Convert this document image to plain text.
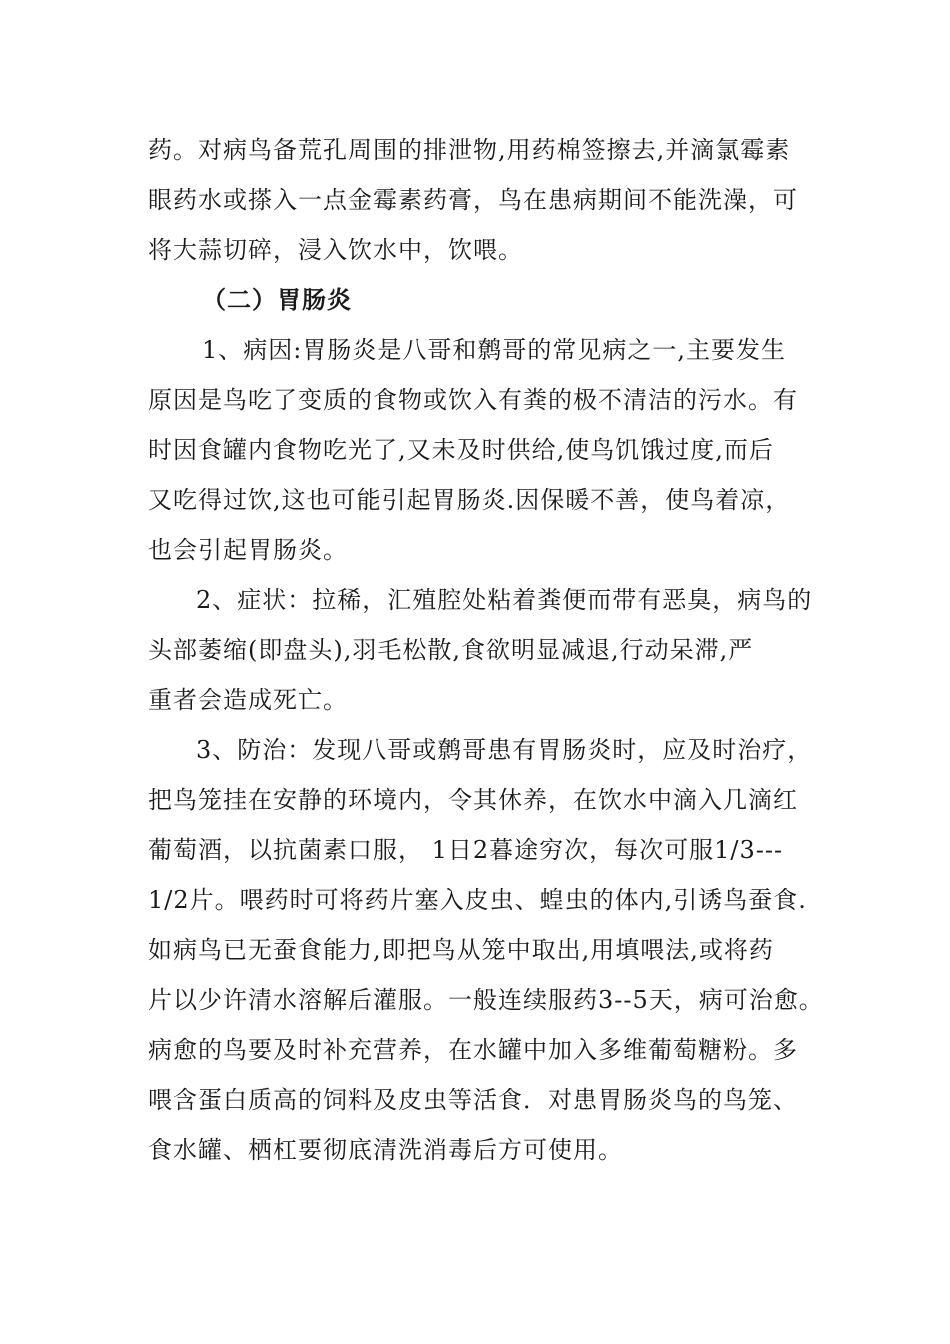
药。对病鸟备荒孔周围的排泄物,用药棉签擦去,并滴氯霉素
眼药水或搽入一点金霉素药膏，鸟在患病期间不能洗澡，可
将大蒜切碎，浸入饮水中，饮喂。
（二）胃肠炎
1、病因:胃肠炎是八哥和鹩哥的常见病之一,主要发生
原因是鸟吃了变质的食物或饮入有粪的极不清洁的污水。有
时因食罐内食物吃光了,又未及时供给,使鸟饥饿过度,而后
又吃得过饮,这也可能引起胃肠炎.因保暖不善，使鸟着凉，
也会引起胃肠炎。
2、症状：拉稀，汇殖腔处粘着粪便而带有恶臭，病鸟的
头部萎缩(即盘头),羽毛松散,食欲明显减退,行动呆滞,严
重者会造成死亡。
3、防治：发现八哥或鹩哥患有胃肠炎时，应及时治疗，
把鸟笼挂在安静的环境内，令其休养，在饮水中滴入几滴红
葡萄酒，以抗菌素口服， 1日2暮途穷次，每次可服1/3---
1/2片。喂药时可将药片塞入皮虫、蝗虫的体内,引诱鸟蚕食.
如病鸟已无蚕食能力,即把鸟从笼中取出,用填喂法,或将药
片以少许清水溶解后灌服。一般连续服药3--5天，病可治愈。
病愈的鸟要及时补充营养，在水罐中加入多维葡萄糖粉。多
喂含蛋白质高的饲料及皮虫等活食．对患胃肠炎鸟的鸟笼、
食水罐、栖杠要彻底清洗消毒后方可使用。
